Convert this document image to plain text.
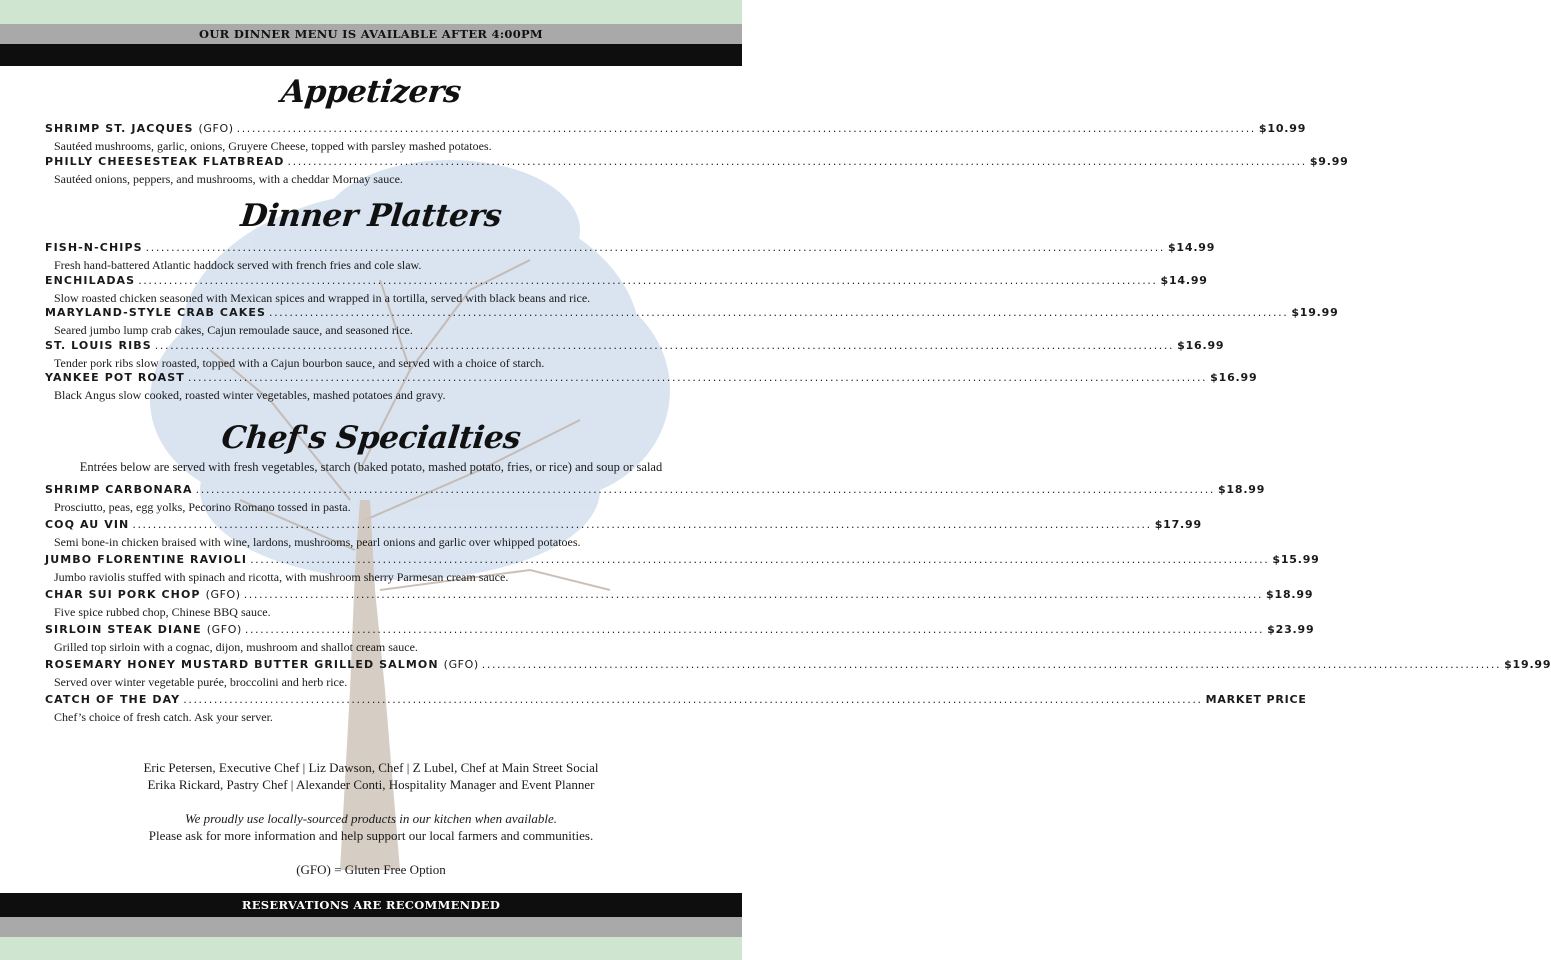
OUR DINNER MENU IS AVAILABLE AFTER 4:00PM
Appetizers
SHRIMP ST. JACQUES (GFO) ........................................................................................................................................................................................................ $10.99
Sautéed mushrooms, garlic, onions, Gruyere Cheese, topped with parsley mashed potatoes.
PHILLY CHEESESTEAK FLATBREAD ........................................................................................................................................................................................................ $9.99
Sautéed onions, peppers, and mushrooms, with a cheddar Mornay sauce.
Dinner Platters
FISH-N-CHIPS ........................................................................................................................................................................................................ $14.99
Fresh hand-battered Atlantic haddock served with french fries and cole slaw.
ENCHILADAS ........................................................................................................................................................................................................ $14.99
Slow roasted chicken seasoned with Mexican spices and wrapped in a tortilla, served with black beans and rice.
MARYLAND-STYLE CRAB CAKES ........................................................................................................................................................................................................ $19.99
Seared jumbo lump crab cakes, Cajun remoulade sauce, and seasoned rice.
ST. LOUIS RIBS ........................................................................................................................................................................................................ $16.99
Tender pork ribs slow roasted, topped with a Cajun bourbon sauce, and served with a choice of starch.
YANKEE POT ROAST ........................................................................................................................................................................................................ $16.99
Black Angus slow cooked, roasted winter vegetables, mashed potatoes and gravy.
Chef's Specialties
Entrées below are served with fresh vegetables, starch (baked potato, mashed potato, fries, or rice) and soup or salad
SHRIMP CARBONARA ........................................................................................................................................................................................................ $18.99
Prosciutto, peas, egg yolks, Pecorino Romano tossed in pasta.
COQ AU VIN ........................................................................................................................................................................................................ $17.99
Semi bone-in chicken braised with wine, lardons, mushrooms, pearl onions and garlic over whipped potatoes.
JUMBO FLORENTINE RAVIOLI ........................................................................................................................................................................................................ $15.99
Jumbo raviolis stuffed with spinach and ricotta, with mushroom sherry Parmesan cream sauce.
CHAR SUI PORK CHOP (GFO) ........................................................................................................................................................................................................ $18.99
Five spice rubbed chop, Chinese BBQ sauce.
SIRLOIN STEAK DIANE (GFO) ........................................................................................................................................................................................................ $23.99
Grilled top sirloin with a cognac, dijon, mushroom and shallot cream sauce.
ROSEMARY HONEY MUSTARD BUTTER GRILLED SALMON (GFO) ........................................................................................................................................................................................................ $19.99
Served over winter vegetable purée, broccolini and herb rice.
CATCH OF THE DAY ........................................................................................................................................................................................................ MARKET PRICE
Chef’s choice of fresh catch. Ask your server.
Eric Petersen, Executive Chef | Liz Dawson, Chef | Z Lubel, Chef at Main Street Social
Erika Rickard, Pastry Chef | Alexander Conti, Hospitality Manager and Event Planner
We proudly use locally-sourced products in our kitchen when available.
Please ask for more information and help support our local farmers and communities.
(GFO) = Gluten Free Option
RESERVATIONS ARE RECOMMENDED
